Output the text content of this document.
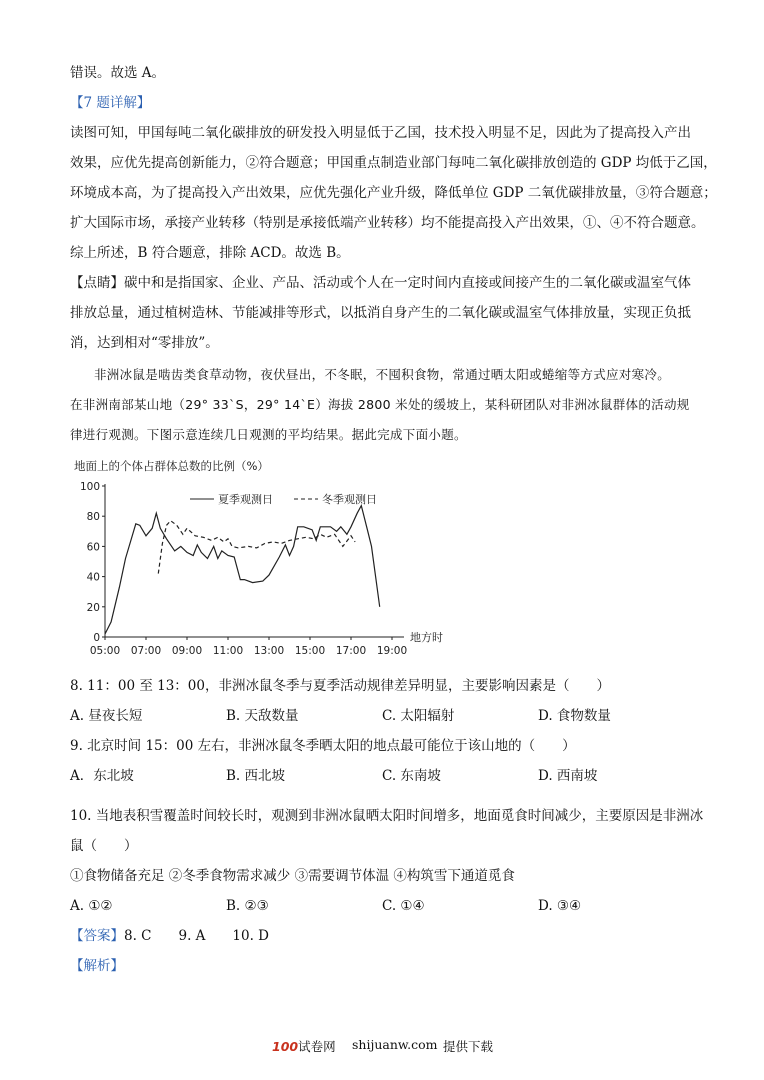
错误。故选 A。
【7 题详解】
读图可知，甲国每吨二氧化碳排放的研发投入明显低于乙国，技术投入明显不足，因此为了提高投入产出
效果，应优先提高创新能力，②符合题意；甲国重点制造业部门每吨二氧化碳排放创造的 GDP 均低于乙国，
环境成本高，为了提高投入产出效果，应优先强化产业升级，降低单位 GDP 二氧优碳排放量，③符合题意；
扩大国际市场，承接产业转移（特别是承接低端产业转移）均不能提高投入产出效果，①、④不符合题意。
综上所述，B 符合题意，排除 ACD。故选 B。
【点睛】碳中和是指国家、企业、产品、活动或个人在一定时间内直接或间接产生的二氧化碳或温室气体
排放总量，通过植树造林、节能减排等形式，以抵消自身产生的二氧化碳或温室气体排放量，实现正负抵
消，达到相对“零排放”。
非洲冰鼠是啮齿类食草动物，夜伏昼出，不冬眠，不囤积食物，常通过晒太阳或蜷缩等方式应对寒冷。
在非洲南部某山地（29° 33`S，29° 14`E）海拔 2800 米处的缓坡上，某科研团队对非洲冰鼠群体的活动规
律进行观测。下图示意连续几日观测的平均结果。据此完成下面小题。
地面上的个体占群体总数的比例（%）
0
20
40
60
80
100
05:00 07:00 09:00 11:00 13:00 15:00 17:00 19:00
地方时
夏季观测日	冬季观测日
8. 11：00 至 13：00，非洲冰鼠冬季与夏季活动规律差异明显，主要影响因素是（　　）
A. 昼夜长短	B. 天敌数量	C. 太阳辐射	D. 食物数量
9. 北京时间 15：00 左右，非洲冰鼠冬季晒太阳的地点最可能位于该山地的（　　）
A．东北坡	B. 西北坡	C. 东南坡	D. 西南坡
10. 当地表积雪覆盖时间较长时，观测到非洲冰鼠晒太阳时间增多，地面觅食时间减少，主要原因是非洲冰
鼠（　　）
①食物储备充足 ②冬季食物需求减少 ③需要调节体温 ④构筑雪下通道觅食
A. ①②	B. ②③	C. ①④	D. ③④
【答案】8. C　　9. A　　10. D
【解析】
100试卷网 shijuanw.com 提供下载
